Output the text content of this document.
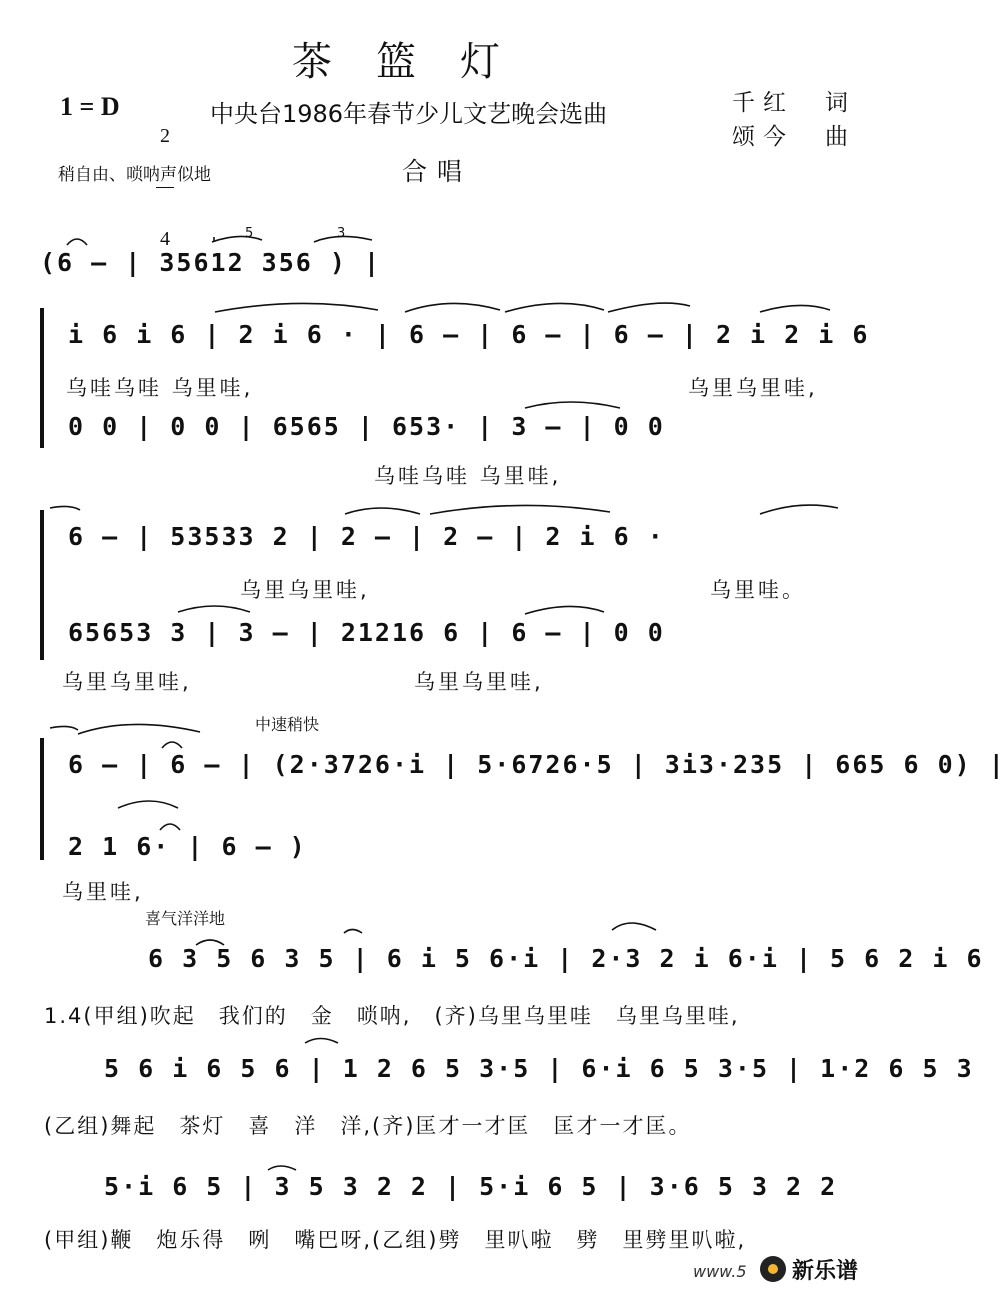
茶篮灯
1 = D

2

4

中央台1986年春节少儿文艺晚会选曲	千红　词
颂今　曲
稍自由、唢呐声似地	合唱
(6 ‒ | 35612 356 ) |
5	3
i 6 i 6 | 2 i 6 · | 6 ‒ | 6 ‒ | 6 ‒ | 2 i 2 i 6
乌哇乌哇 乌里哇,	乌里乌里哇,
0 0 | 0 0 | 6565 | 653· | 3 ‒ | 0 0
乌哇乌哇 乌里哇,
6 ‒ | 53533 2 | 2 ‒ | 2 ‒ | 2 i 6 ·
乌里乌里哇,	乌里哇。
65653 3 | 3 ‒ | 21216 6 | 6 ‒ | 0 0
乌里乌里哇,	乌里乌里哇,
中速稍快
6 ‒ | 6 ‒ | (2·3726·i | 5·6726·5 | 3i3·235 | 665 6 0) |
2 1 6· | 6 ‒ )
乌里哇,
喜气洋洋地
6 3 5 6 3 5 | 6 i 5 6·i | 2·3 2 i 6·i | 5 6 2 i 6
1.4(甲组)吹起　我们的　金　唢呐,　(齐)乌里乌里哇　乌里乌里哇,
5 6 i 6 5 6 | 1 2 6 5 3·5 | 6·i 6 5 3·5 | 1·2 6 5 3
(乙组)舞起　茶灯　喜　洋　洋,(齐)匡才一才匡　匡才一才匡。
5·i 6 5 | 3 5 3 2 2 | 5·i 6 5 | 3·6 5 3 2 2
(甲组)鞭　炮乐得　咧　嘴巴呀,(乙组)劈　里叭啦　劈　里劈里叭啦,
www.5 新乐谱
